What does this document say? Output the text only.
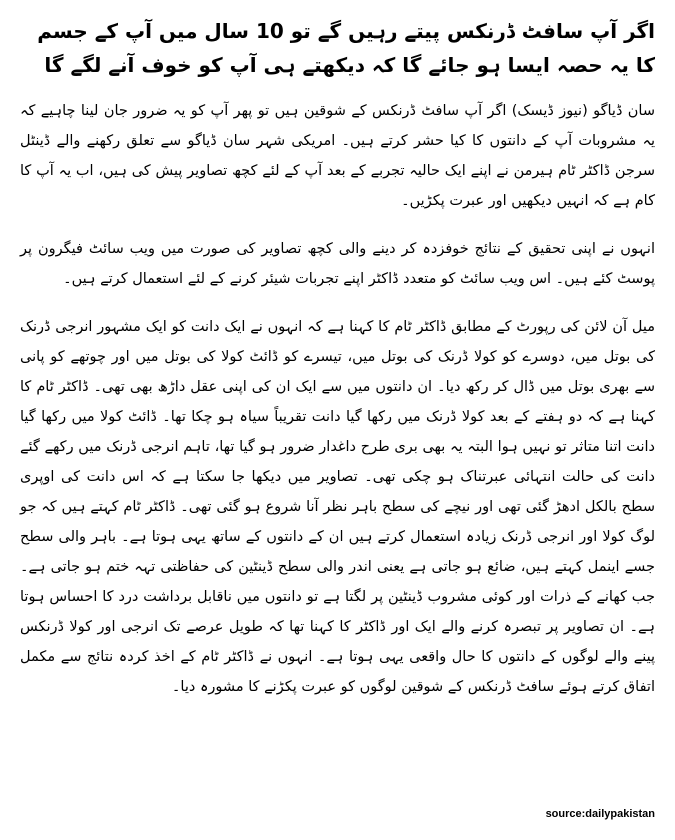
اگر آپ سافٹ ڈرنکس پیتے رہیں گے تو 10 سال میں آپ کے جسم کا یہ حصہ ایسا ہو جائے گا کہ دیکھتے ہی آپ کو خوف آنے لگے گا

سان ڈیاگو (نیوز ڈیسک) اگر آپ سافٹ ڈرنکس کے شوقین ہیں تو پھر آپ کو یہ ضرور جان لینا چاہیے کہ یہ مشروبات آپ کے دانتوں کا کیا حشر کرتے ہیں۔ امریکی شہر سان ڈیاگو سے تعلق رکھنے والے ڈینٹل سرجن ڈاکٹر ٹام ہیرمن نے اپنے ایک حالیہ تجربے کے بعد آپ کے لئے کچھ تصاویر پیش کی ہیں، اب یہ آپ کا کام ہے کہ انہیں دیکھیں اور عبرت پکڑیں۔

انہوں نے اپنی تحقیق کے نتائج خوفزدہ کر دینے والی کچھ تصاویر کی صورت میں ویب سائٹ فیگرون پر پوسٹ کئے ہیں۔ اس ویب سائٹ کو متعدد ڈاکٹر اپنے تجربات شیئر کرنے کے لئے استعمال کرتے ہیں۔

میل آن لائن کی رپورٹ کے مطابق ڈاکٹر ٹام کا کہنا ہے کہ انہوں نے ایک دانت کو ایک مشہور انرجی ڈرنک کی بوتل میں، دوسرے کو کولا ڈرنک کی بوتل میں، تیسرے کو ڈائٹ کولا کی بوتل میں اور چوتھے کو پانی سے بھری بوتل میں ڈال کر رکھ دیا۔ ان دانتوں میں سے ایک ان کی اپنی عقل داڑھ بھی تھی۔ ڈاکٹر ٹام کا کہنا ہے کہ دو ہفتے کے بعد کولا ڈرنک میں رکھا گیا دانت تقریباً سیاہ ہو چکا تھا۔ ڈائٹ کولا میں رکھا گیا دانت اتنا متاثر تو نہیں ہوا البتہ یہ بھی بری طرح داغدار ضرور ہو گیا تھا، تاہم انرجی ڈرنک میں رکھے گئے دانت کی حالت انتہائی عبرتناک ہو چکی تھی۔ تصاویر میں دیکھا جا سکتا ہے کہ اس دانت کی اوپری سطح بالکل ادھڑ گئی تھی اور نیچے کی سطح باہر نظر آنا شروع ہو گئی تھی۔ ڈاکٹر ٹام کہتے ہیں کہ جو لوگ کولا اور انرجی ڈرنک زیادہ استعمال کرتے ہیں ان کے دانتوں کے ساتھ یہی ہوتا ہے۔ باہر والی سطح جسے اینمل کہتے ہیں، ضائع ہو جاتی ہے یعنی اندر والی سطح ڈینٹین کی حفاظتی تہہ ختم ہو جاتی ہے۔ جب کھانے کے ذرات اور کوئی مشروب ڈینٹین پر لگتا ہے تو دانتوں میں ناقابل برداشت درد کا احساس ہوتا ہے۔ ان تصاویر پر تبصرہ کرنے والے ایک اور ڈاکٹر کا کہنا تھا کہ طویل عرصے تک انرجی اور کولا ڈرنکس پینے والے لوگوں کے دانتوں کا حال واقعی یہی ہوتا ہے۔ انہوں نے ڈاکٹر ٹام کے اخذ کردہ نتائج سے مکمل اتفاق کرتے ہوئے سافٹ ڈرنکس کے شوقین لوگوں کو عبرت پکڑنے کا مشورہ دیا۔

source:dailypakistan
